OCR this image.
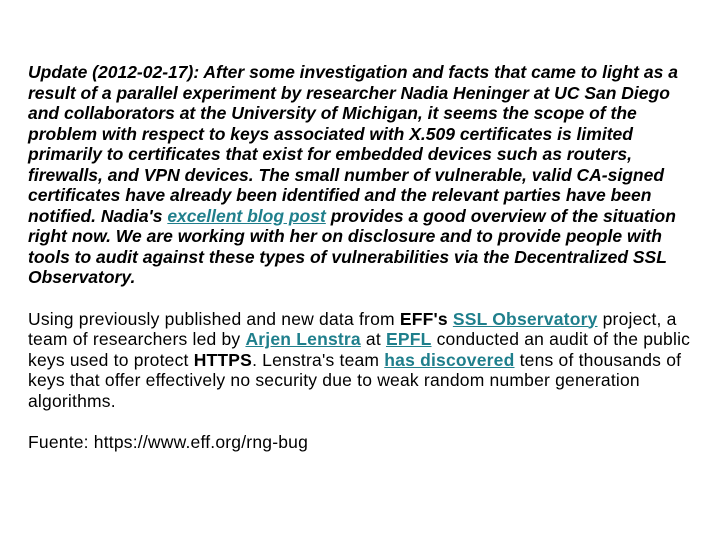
Update (2012-02-17): After some investigation and facts that came to light as a result of a parallel experiment by researcher Nadia Heninger at UC San Diego and collaborators at the University of Michigan, it seems the scope of the problem with respect to keys associated with X.509 certificates is limited primarily to certificates that exist for embedded devices such as routers, firewalls, and VPN devices. The small number of vulnerable, valid CA-signed certificates have already been identified and the relevant parties have been notified. Nadia's excellent blog post provides a good overview of the situation right now. We are working with her on disclosure and to provide people with tools to audit against these types of vulnerabilities via the Decentralized SSL Observatory.

Using previously published and new data from EFF's SSL Observatory project, a team of researchers led by Arjen Lenstra at EPFL conducted an audit of the public keys used to protect HTTPS. Lenstra's team has discovered tens of thousands of keys that offer effectively no security due to weak random number generation algorithms.

Fuente: https://www.eff.org/rng-bug
